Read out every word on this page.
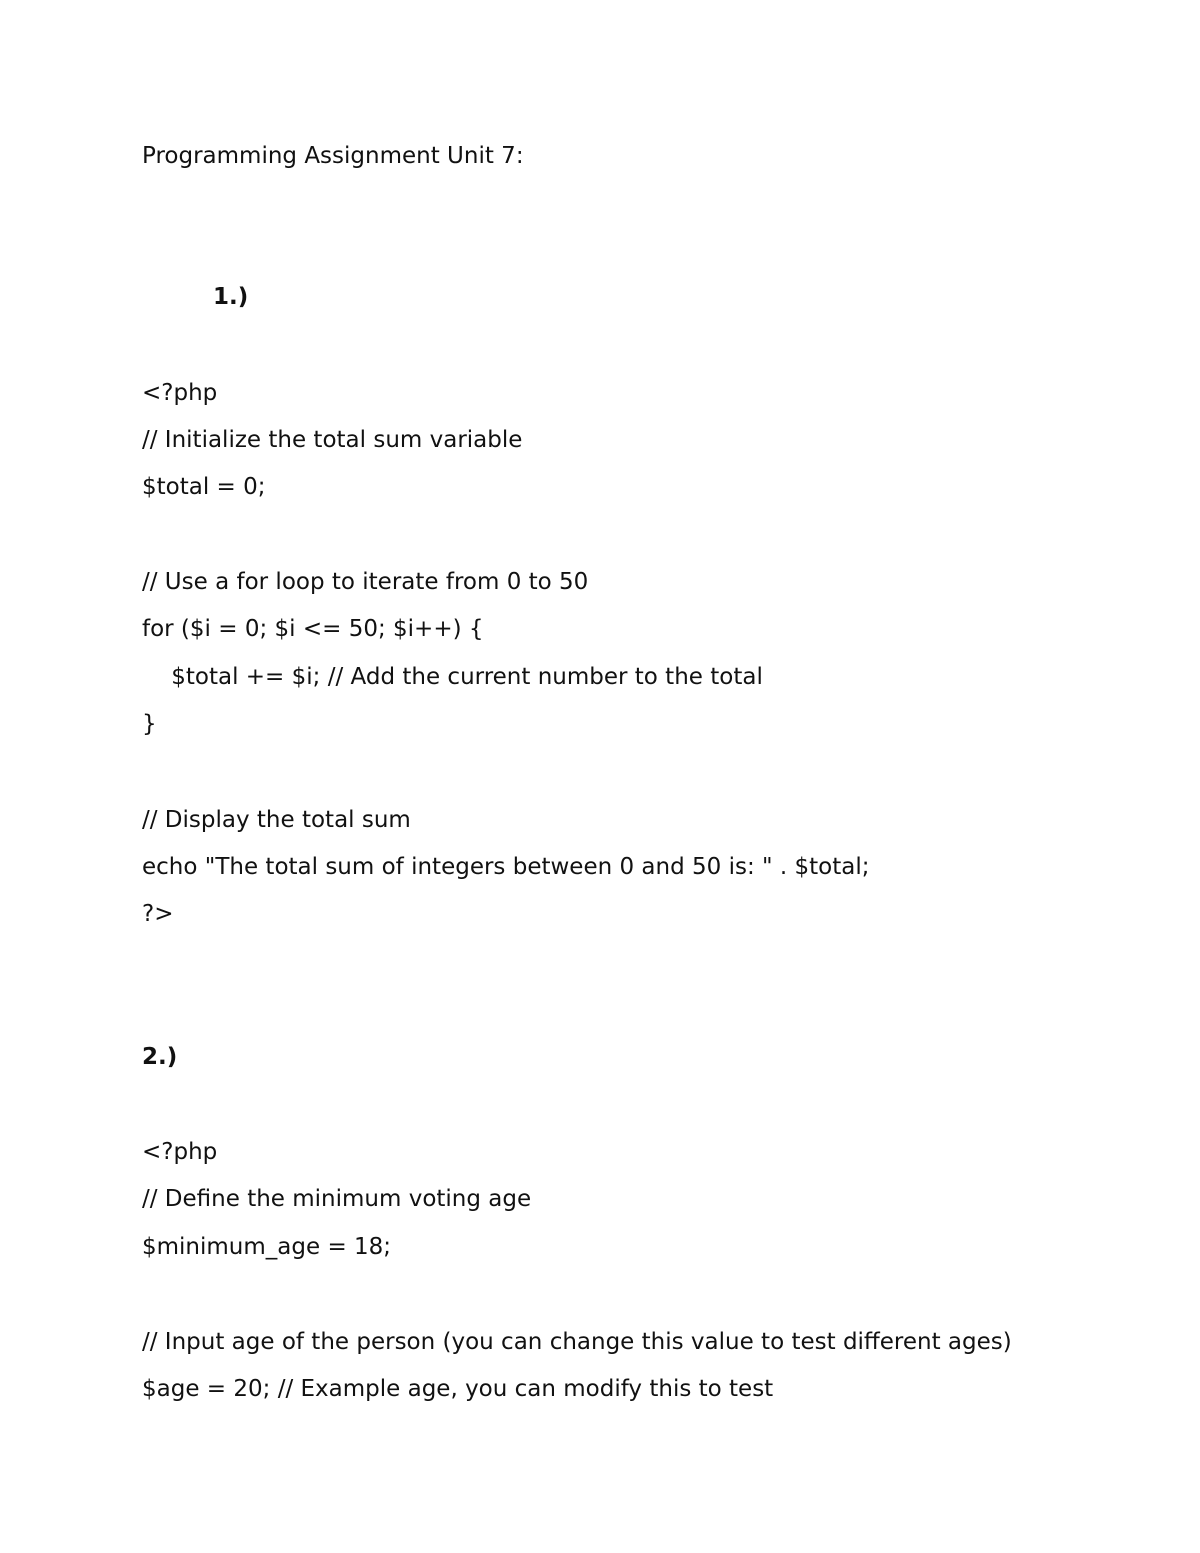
Programming Assignment Unit 7:
1.)
<?php
// Initialize the total sum variable
$total = 0;
// Use a for loop to iterate from 0 to 50
for ($i = 0; $i <= 50; $i++) {
$total += $i; // Add the current number to the total
}
// Display the total sum
echo "The total sum of integers between 0 and 50 is: " . $total;
?>
2.)
<?php
// Define the minimum voting age
$minimum_age = 18;
// Input age of the person (you can change this value to test different ages)
$age = 20; // Example age, you can modify this to test
